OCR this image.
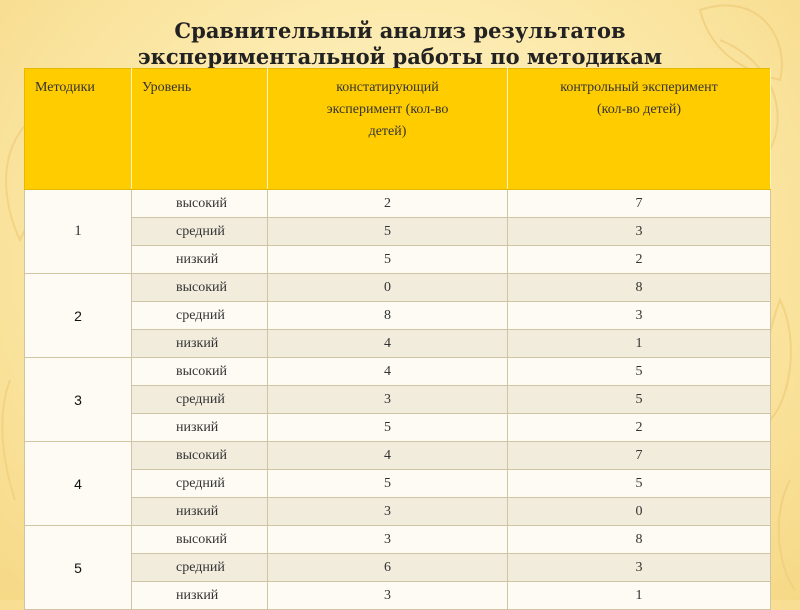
Сравнительный анализ результатов
экспериментальной работы по методикам
Методики	Уровень	констатирующий эксперимент (кол-во детей)	контрольный эксперимент (кол-во детей)
1	высокий	2	7
	средний	5	3
	низкий	5	2
2	высокий	0	8
	средний	8	3
	низкий	4	1
3	высокий	4	5
	средний	3	5
	низкий	5	2
4	высокий	4	7
	средний	5	5
	низкий	3	0
5	высокий	3	8
	средний	6	3
	низкий	3	1
